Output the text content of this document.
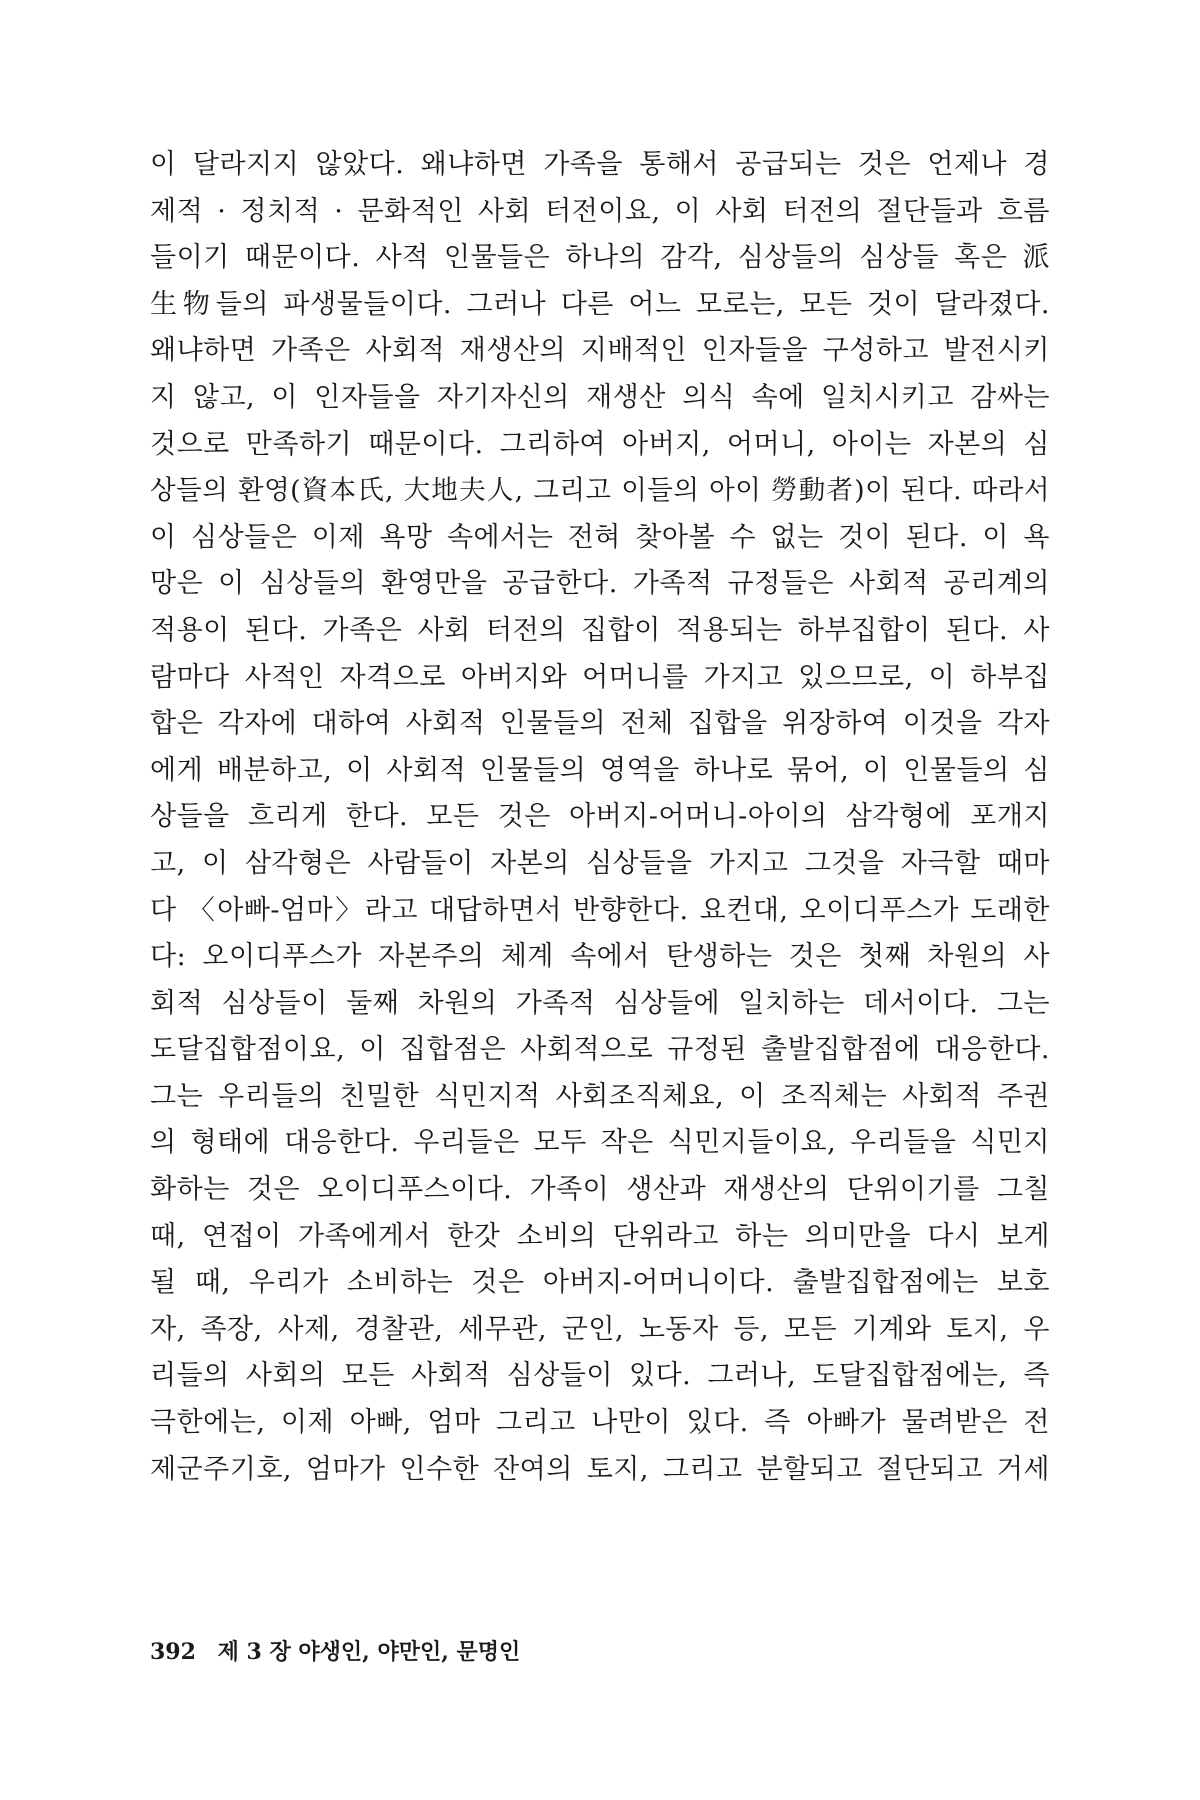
이 달라지지 않았다. 왜냐하면 가족을 통해서 공급되는 것은 언제나 경
제적 · 정치적 · 문화적인 사회 터전이요, 이 사회 터전의 절단들과 흐름
들이기 때문이다. 사적 인물들은 하나의 감각, 심상들의 심상들 혹은 派
生物들의 파생물들이다. 그러나 다른 어느 모로는, 모든 것이 달라졌다.
왜냐하면 가족은 사회적 재생산의 지배적인 인자들을 구성하고 발전시키
지 않고, 이 인자들을 자기자신의 재생산 의식 속에 일치시키고 감싸는
것으로 만족하기 때문이다. 그리하여 아버지, 어머니, 아이는 자본의 심
상들의 환영(資本氏, 大地夫人, 그리고 이들의 아이 勞動者)이 된다. 따라서
이 심상들은 이제 욕망 속에서는 전혀 찾아볼 수 없는 것이 된다. 이 욕
망은 이 심상들의 환영만을 공급한다. 가족적 규정들은 사회적 공리계의
적용이 된다. 가족은 사회 터전의 집합이 적용되는 하부집합이 된다. 사
람마다 사적인 자격으로 아버지와 어머니를 가지고 있으므로, 이 하부집
합은 각자에 대하여 사회적 인물들의 전체 집합을 위장하여 이것을 각자
에게 배분하고, 이 사회적 인물들의 영역을 하나로 묶어, 이 인물들의 심
상들을 흐리게 한다. 모든 것은 아버지-어머니-아이의 삼각형에 포개지
고, 이 삼각형은 사람들이 자본의 심상들을 가지고 그것을 자극할 때마
다 〈아빠-엄마〉라고 대답하면서 반향한다. 요컨대, 오이디푸스가 도래한
다: 오이디푸스가 자본주의 체계 속에서 탄생하는 것은 첫째 차원의 사
회적 심상들이 둘째 차원의 가족적 심상들에 일치하는 데서이다. 그는
도달집합점이요, 이 집합점은 사회적으로 규정된 출발집합점에 대응한다.
그는 우리들의 친밀한 식민지적 사회조직체요, 이 조직체는 사회적 주권
의 형태에 대응한다. 우리들은 모두 작은 식민지들이요, 우리들을 식민지
화하는 것은 오이디푸스이다. 가족이 생산과 재생산의 단위이기를 그칠
때, 연접이 가족에게서 한갓 소비의 단위라고 하는 의미만을 다시 보게
될 때, 우리가 소비하는 것은 아버지-어머니이다. 출발집합점에는 보호
자, 족장, 사제, 경찰관, 세무관, 군인, 노동자 등, 모든 기계와 토지, 우
리들의 사회의 모든 사회적 심상들이 있다. 그러나, 도달집합점에는, 즉
극한에는, 이제 아빠, 엄마 그리고 나만이 있다. 즉 아빠가 물려받은 전
제군주기호, 엄마가 인수한 잔여의 토지, 그리고 분할되고 절단되고 거세
392 제 3 장 야생인, 야만인, 문명인
